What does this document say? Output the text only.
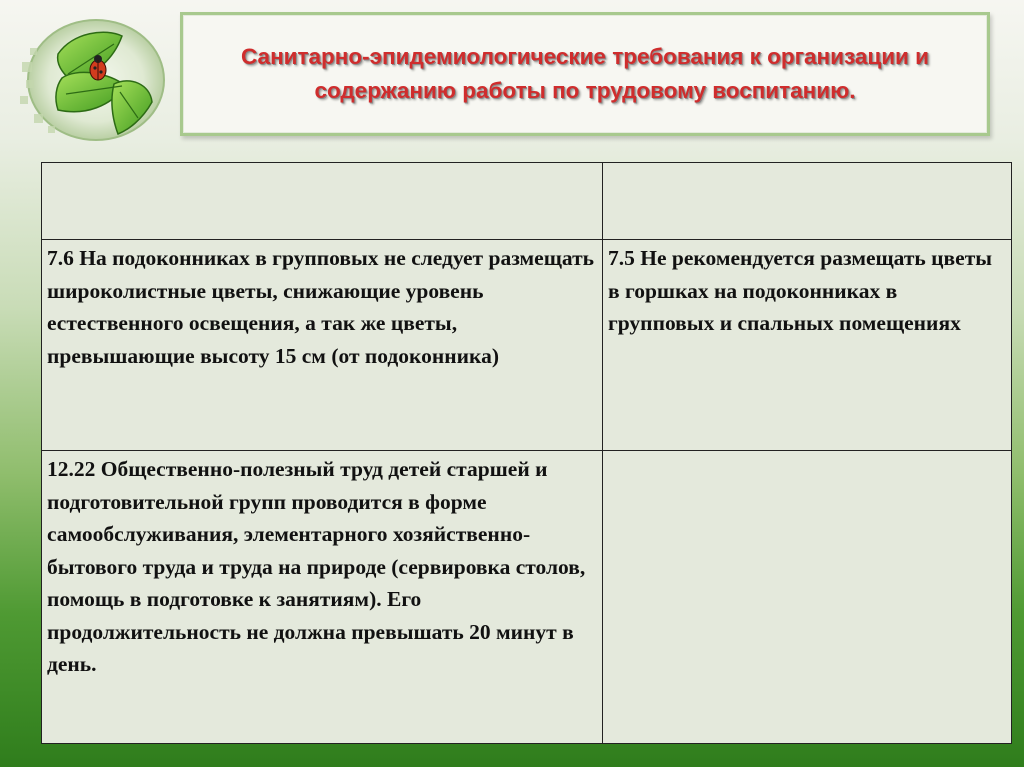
Санитарно-эпидемиологические требования к организации и содержанию работы по трудовому воспитанию.

7.6 На подоконниках в групповых не следует размещать широколистные цветы, снижающие уровень естественного освещения, а так же цветы, превышающие высоту 15 см (от подоконника)	7.5 Не рекомендуется размещать цветы в горшках на подоконниках в групповых и спальных помещениях
12.22 Общественно-полезный труд детей старшей и подготовительной групп проводится в форме самообслуживания, элементарного хозяйственно-бытового труда и труда на природе (сервировка столов, помощь в подготовке к занятиям). Его продолжительность не должна превышать 20 минут в день.	
